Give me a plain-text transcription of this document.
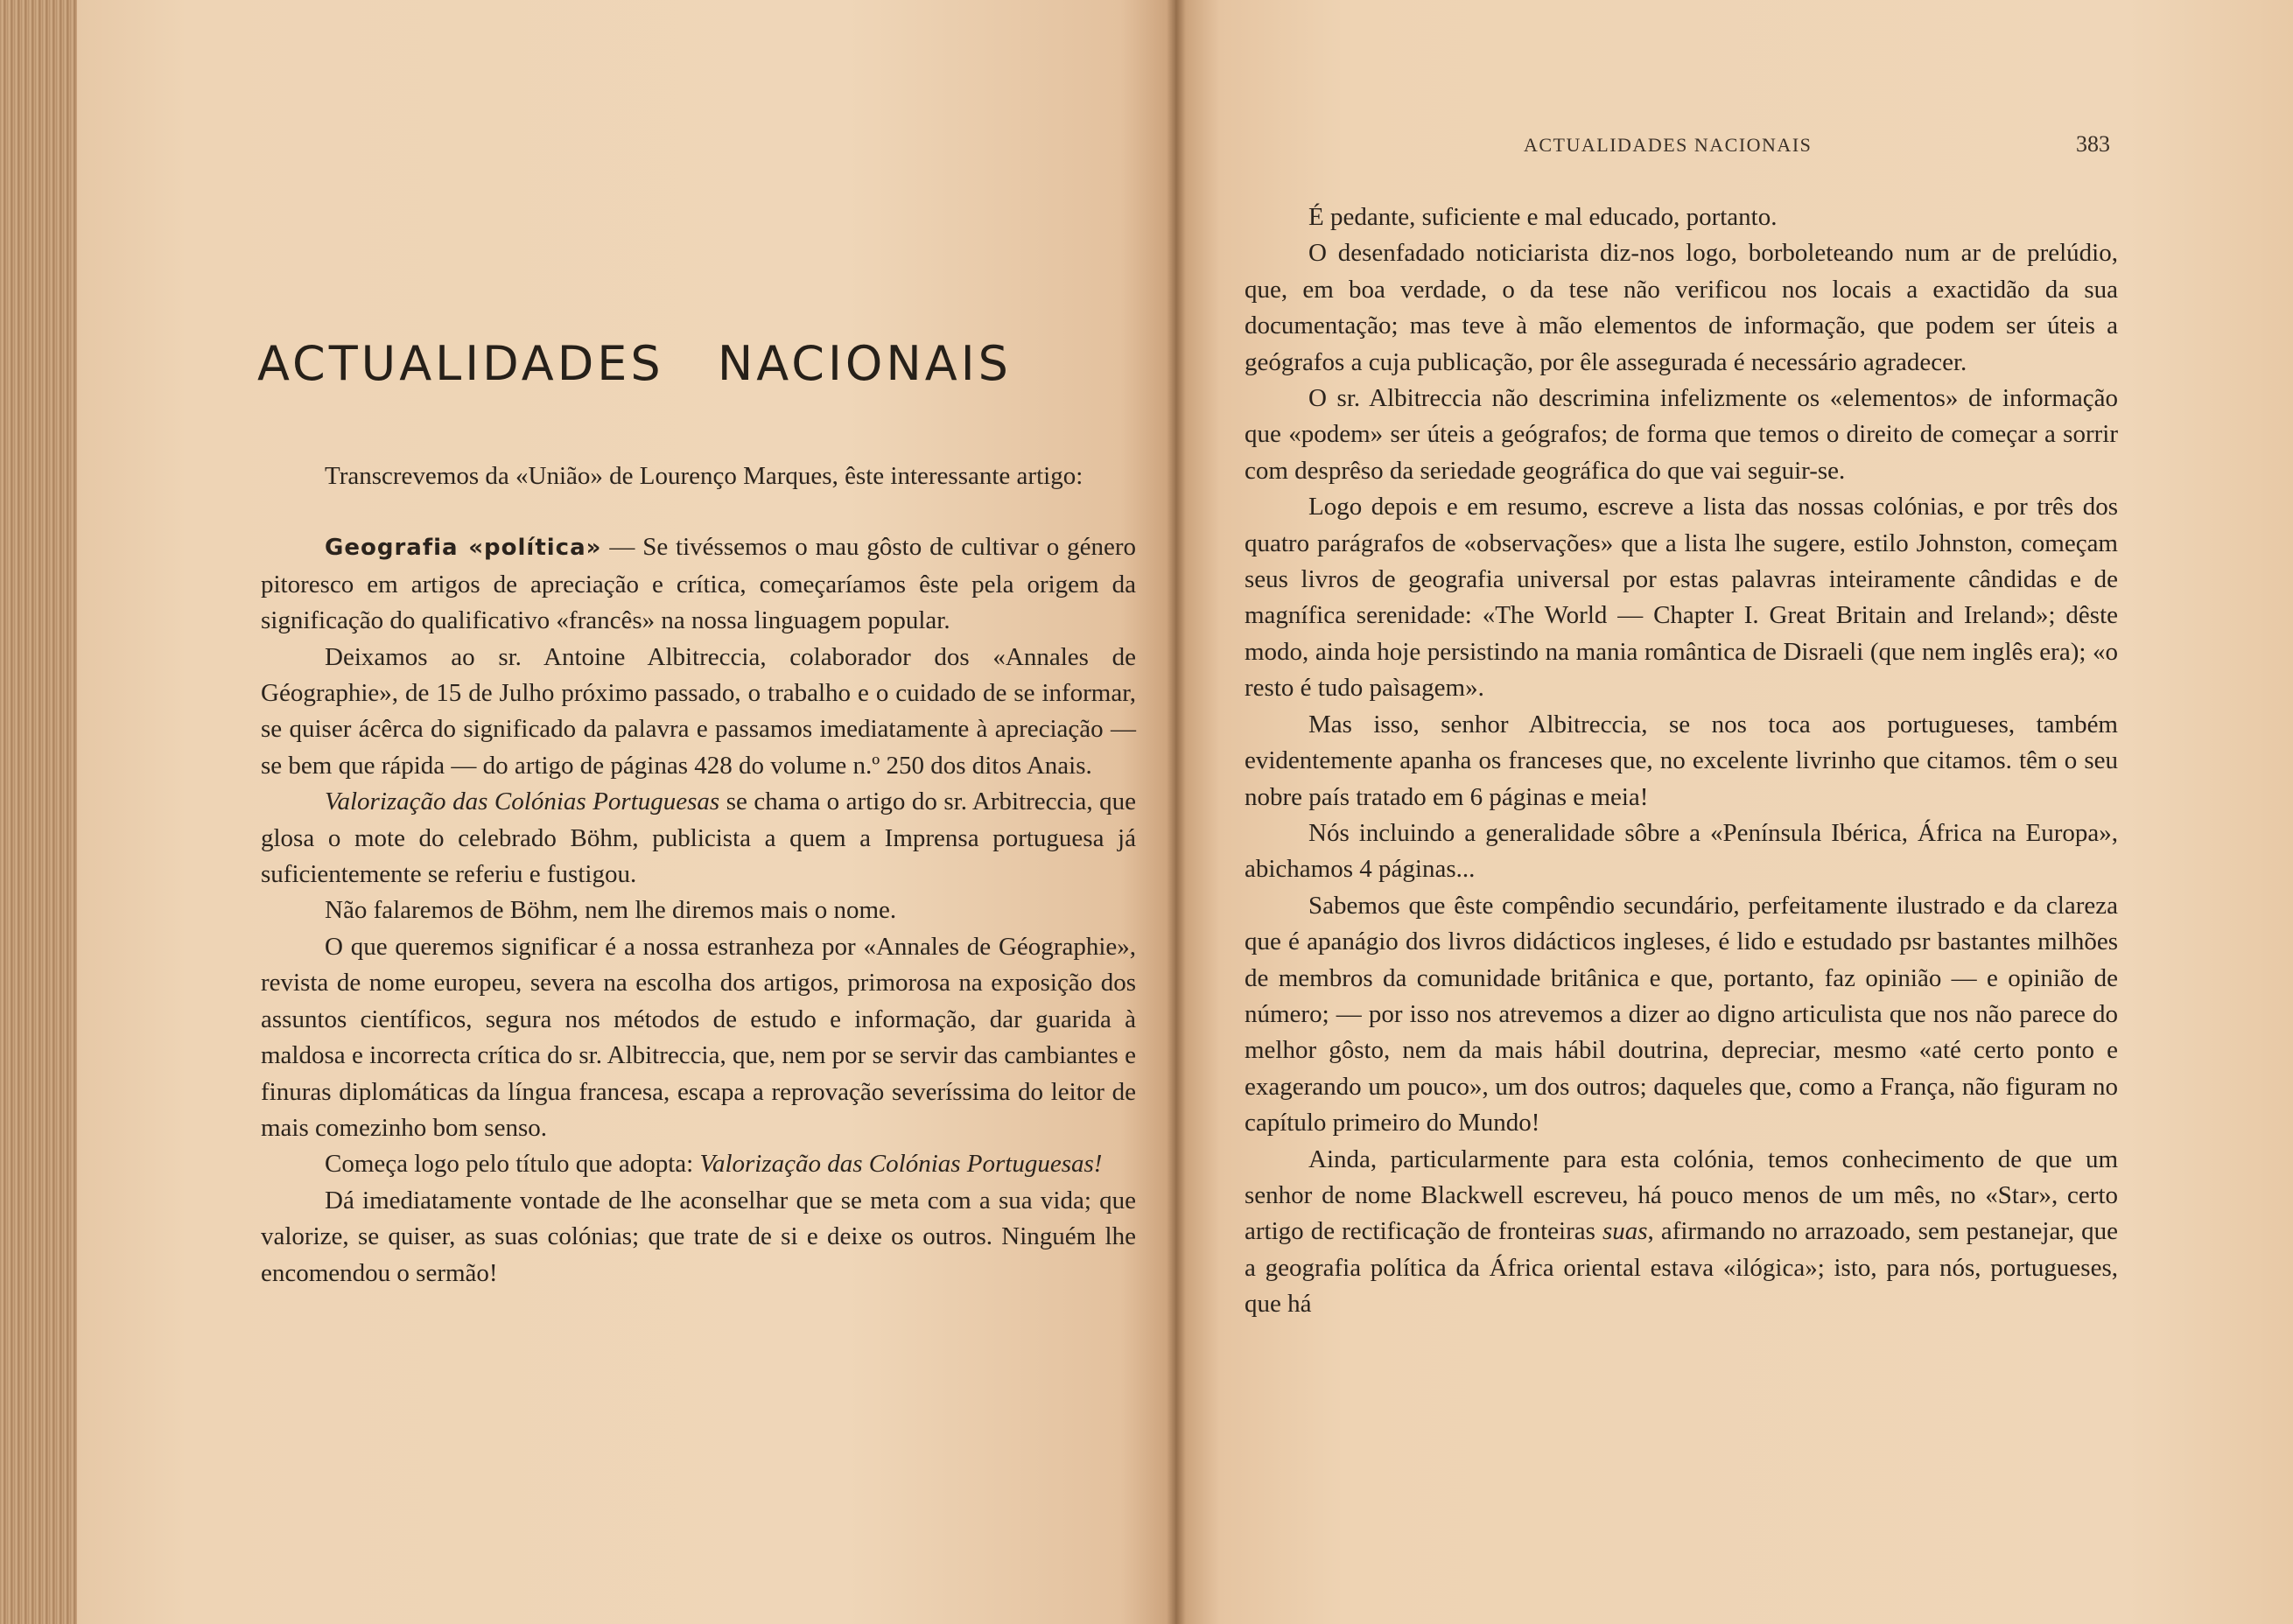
ACTUALIDADES NACIONAIS

Transcrevemos da «União» de Lourenço Marques, êste interessante artigo:

Geografia «política» — Se tivéssemos o mau gôsto de cultivar o género pitoresco em artigos de apreciação e crítica, começaríamos êste pela origem da significação do qualificativo «francês» na nossa linguagem popular.

Deixamos ao sr. Antoine Albitreccia, colaborador dos «Annales de Géographie», de 15 de Julho próximo passado, o trabalho e o cuidado de se informar, se quiser ácêrca do significado da palavra e passamos imediatamente à apreciação — se bem que rápida — do artigo de páginas 428 do volume n.º 250 dos ditos Anais.

Valorização das Colónias Portuguesas se chama o artigo do sr. Arbitreccia, que glosa o mote do celebrado Böhm, publicista a quem a Imprensa portuguesa já suficientemente se referiu e fustigou.

Não falaremos de Böhm, nem lhe diremos mais o nome.

O que queremos significar é a nossa estranheza por «Annales de Géographie», revista de nome europeu, severa na escolha dos artigos, primorosa na exposição dos assuntos científicos, segura nos métodos de estudo e informação, dar guarida à maldosa e incorrecta crítica do sr. Albitreccia, que, nem por se servir das cambiantes e finuras diplomáticas da língua francesa, escapa a reprovação severíssima do leitor de mais comezinho bom senso.

Começa logo pelo título que adopta: Valorização das Colónias Portuguesas!

Dá imediatamente vontade de lhe aconselhar que se meta com a sua vida; que valorize, se quiser, as suas colónias; que trate de si e deixe os outros. Ninguém lhe encomendou o sermão!

ACTUALIDADES NACIONAIS	383

É pedante, suficiente e mal educado, portanto.

O desenfadado noticiarista diz-nos logo, borboleteando num ar de prelúdio, que, em boa verdade, o da tese não verificou nos locais a exactidão da sua documentação; mas teve à mão elementos de informação, que podem ser úteis a geógrafos a cuja publicação, por êle assegurada é necessário agradecer.

O sr. Albitreccia não descrimina infelizmente os «elementos» de informação que «podem» ser úteis a geógrafos; de forma que temos o direito de começar a sorrir com desprêso da seriedade geográfica do que vai seguir-se.

Logo depois e em resumo, escreve a lista das nossas colónias, e por três dos quatro parágrafos de «observações» que a lista lhe sugere, estilo Johnston, começam seus livros de geografia universal por estas palavras inteiramente cândidas e de magnífica serenidade: «The World — Chapter I. Great Britain and Ireland»; dêste modo, ainda hoje persistindo na mania romântica de Disraeli (que nem inglês era); «o resto é tudo paìsagem».

Mas isso, senhor Albitreccia, se nos toca aos portugueses, também evidentemente apanha os franceses que, no excelente livrinho que citamos. têm o seu nobre país tratado em 6 páginas e meia!

Nós incluindo a generalidade sôbre a «Península Ibérica, África na Europa», abichamos 4 páginas...

Sabemos que êste compêndio secundário, perfeitamente ilustrado e da clareza que é apanágio dos livros didácticos ingleses, é lido e estudado psr bastantes milhões de membros da comunidade britânica e que, portanto, faz opinião — e opinião de número; — por isso nos atrevemos a dizer ao digno articulista que nos não parece do melhor gôsto, nem da mais hábil doutrina, depreciar, mesmo «até certo ponto e exagerando um pouco», um dos outros; daqueles que, como a França, não figuram no capítulo primeiro do Mundo!

Ainda, particularmente para esta colónia, temos conhecimento de que um senhor de nome Blackwell escreveu, há pouco menos de um mês, no «Star», certo artigo de rectificação de fronteiras suas, afirmando no arrazoado, sem pestanejar, que a geografia política da África oriental estava «ilógica»; isto, para nós, portugueses, que há
